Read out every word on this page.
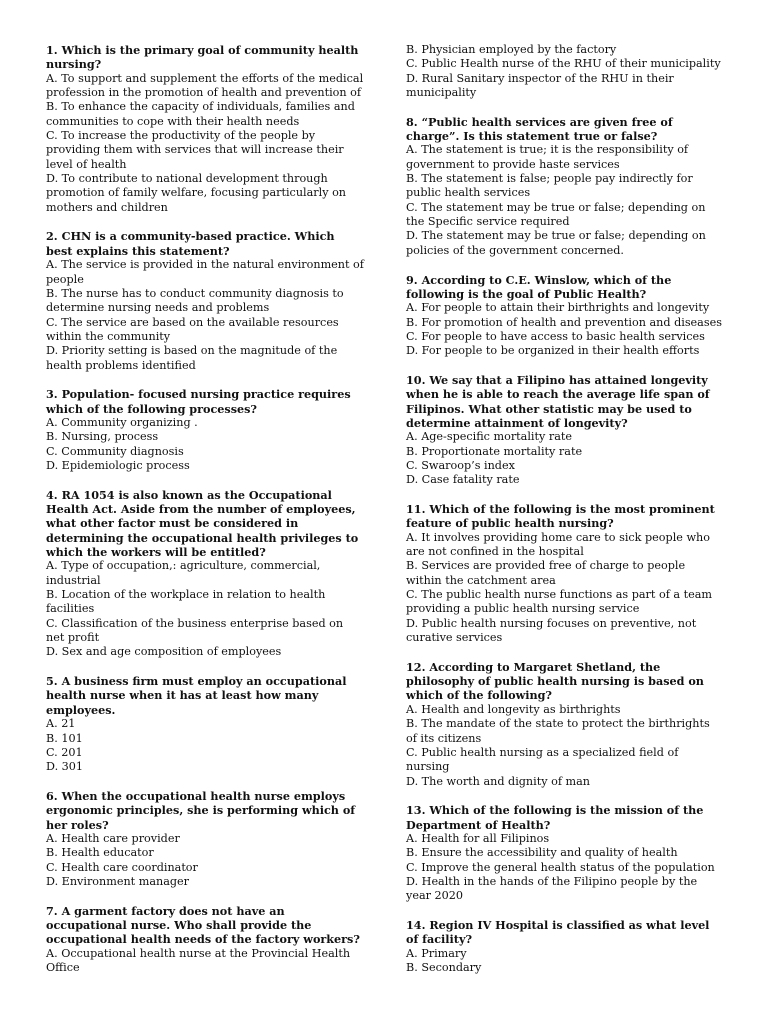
1. Which is the primary goal of community health nursing?
A. To support and supplement the efforts of the medical profession in the promotion of health and prevention of
B. To enhance the capacity of individuals, families and communities to cope with their health needs
C. To increase the productivity of the people by providing them with services that will increase their level of health
D. To contribute to national development through promotion of family welfare, focusing particularly on mothers and children
2. CHN is a community-based practice. Which best explains this statement?
A. The service is provided in the natural environment of people
B. The nurse has to conduct community diagnosis to determine nursing needs and problems
C. The service are based on the available resources within the community
D. Priority setting is based on the magnitude of the health problems identified
3. Population- focused nursing practice requires which of the following processes?
A. Community organizing .
B. Nursing, process
C. Community diagnosis
D. Epidemiologic process
4. RA 1054 is also known as the Occupational Health Act. Aside from the number of employees, what other factor must be considered in determining the occupational health privileges to which the workers will be entitled?
A. Type of occupation,: agriculture, commercial, industrial
B. Location of the workplace in relation to health facilities
C. Classification of the business enterprise based on net profit
D. Sex and age composition of employees
5. A business firm must employ an occupational health nurse when it has at least how many employees.
A. 21
B. 101
C. 201
D. 301
6. When the occupational health nurse employs ergonomic principles, she is performing which of her roles?
A. Health care provider
B. Health educator
C. Health care coordinator
D. Environment manager
7. A garment factory does not have an occupational nurse. Who shall provide the occupational health needs of the factory workers?
A. Occupational health nurse at the Provincial Health Office
B. Physician employed by the factory
C. Public Health nurse of the RHU of their municipality
D. Rural Sanitary inspector of the RHU in their municipality
8. “Public health services are given free of charge”. Is this statement true or false?
A. The statement is true; it is the responsibility of government to provide haste services
B. The statement is false; people pay indirectly for public health services
C. The statement may be true or false; depending on the Specific service required
D. The statement may be true or false; depending on policies of the government concerned.
9. According to C.E. Winslow, which of the following is the goal of Public Health?
A. For people to attain their birthrights and longevity
B. For promotion of health and prevention and diseases
C. For people to have access to basic health services
D. For people to be organized in their health efforts
10. We say that a Filipino has attained longevity when he is able to reach the average life span of Filipinos. What other statistic may be used to determine attainment of longevity?
A. Age-specific mortality rate
B. Proportionate mortality rate
C. Swaroop’s index
D. Case fatality rate
11. Which of the following is the most prominent feature of public health nursing?
A. It involves providing home care to sick people who are not confined in the hospital
B. Services are provided free of charge to people within the catchment area
C. The public health nurse functions as part of a team providing a public health nursing service
D. Public health nursing focuses on preventive, not curative services
12. According to Margaret Shetland, the philosophy of public health nursing is based on which of the following?
A. Health and longevity as birthrights
B. The mandate of the state to protect the birthrights of its citizens
C. Public health nursing as a specialized field of nursing
D. The worth and dignity of man
13. Which of the following is the mission of the Department of Health?
A. Health for all Filipinos
B. Ensure the accessibility and quality of health
C. Improve the general health status of the population
D. Health in the hands of the Filipino people by the year 2020
14. Region IV Hospital is classified as what level of facility?
A. Primary
B. Secondary
